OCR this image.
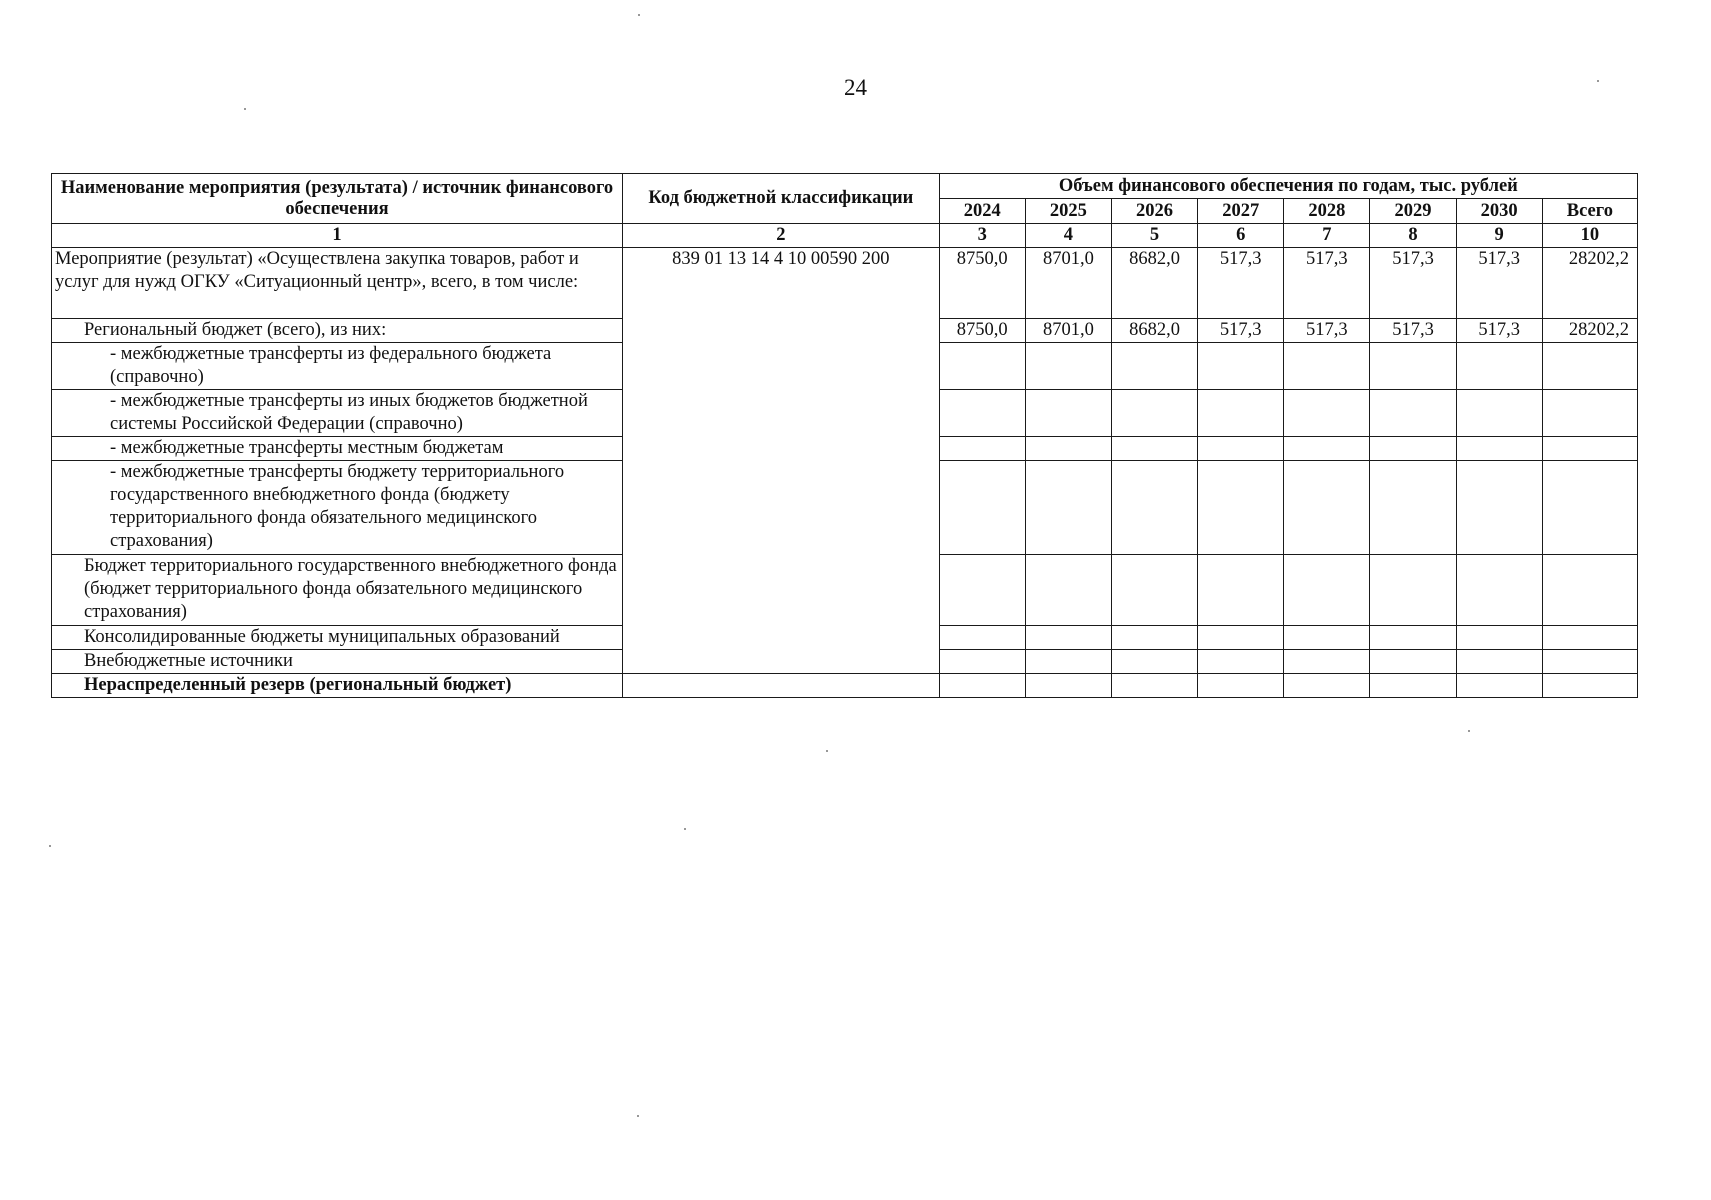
24
Наименование мероприятия (результата) / источник финансового обеспечения	Код бюджетной классификации	Объем финансового обеспечения по годам, тыс. рублей							
		2024	2025	2026	2027	2028	2029	2030	Всего
1	2	3	4	5	6	7	8	9	10
Мероприятие (результат) «Осуществлена закупка товаров, работ и услуг для нужд ОГКУ «Ситуационный центр», всего, в том числе:	839 01 13 14 4 10 00590 200	8750,0	8701,0	8682,0	517,3	517,3	517,3	517,3	28202,2
Региональный бюджет (всего), из них:		8750,0	8701,0	8682,0	517,3	517,3	517,3	517,3	28202,2
- межбюджетные трансферты из федерального бюджета (справочно)									
- межбюджетные трансферты из иных бюджетов бюджетной системы Российской Федерации (справочно)									
- межбюджетные трансферты местным бюджетам									
- межбюджетные трансферты бюджету территориального государственного внебюджетного фонда (бюджету территориального фонда обязательного медицинского страхования)									
Бюджет территориального государственного внебюджетного фонда (бюджет территориального фонда обязательного медицинского страхования)									
Консолидированные бюджеты муниципальных образований									
Внебюджетные источники									
Нераспределенный резерв (региональный бюджет)									
